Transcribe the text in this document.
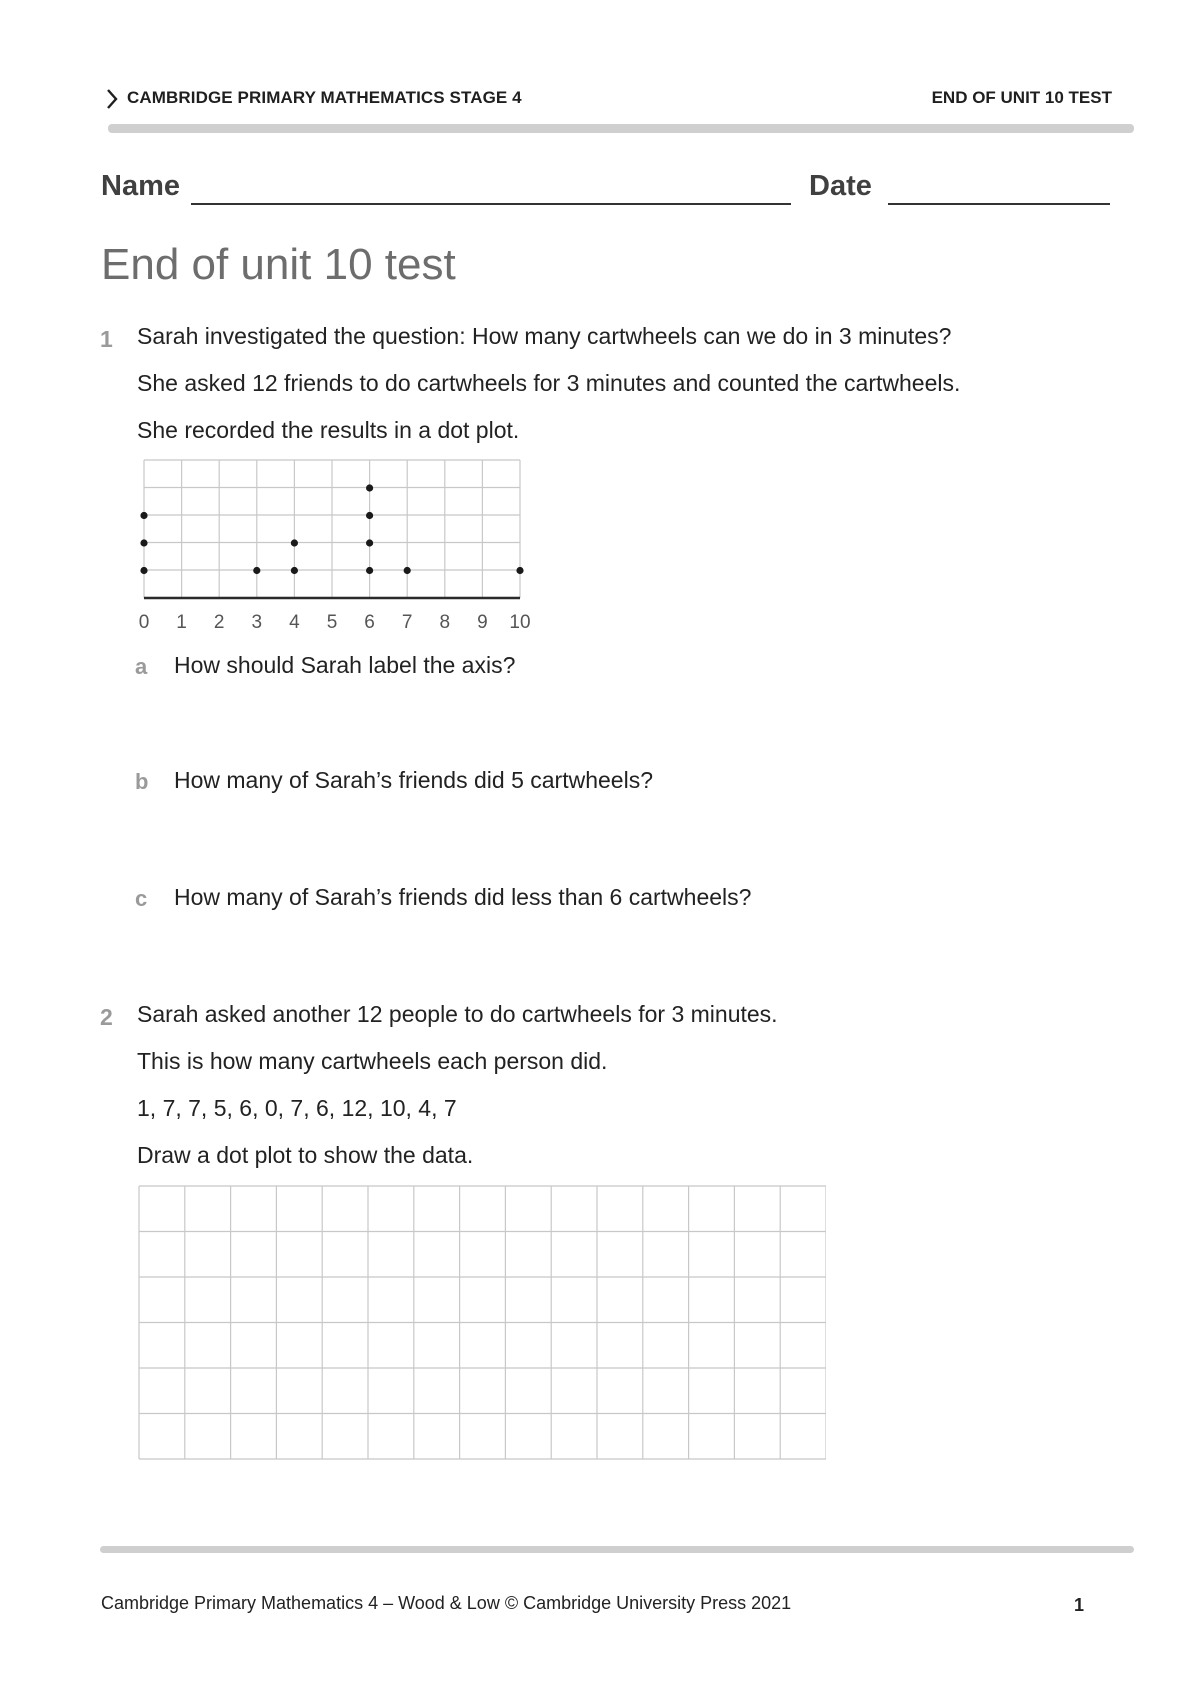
CAMBRIDGE PRIMARY MATHEMATICS STAGE 4	END OF UNIT 10 TEST
Name	Date
End of unit 10 test
1 Sarah investigated the question: How many cartwheels can we do in 3 minutes?
She asked 12 friends to do cartwheels for 3 minutes and counted the cartwheels.
She recorded the results in a dot plot.
0 1 2 3 4 5 6 7 8 9 10
a How should Sarah label the axis?
b How many of Sarah’s friends did 5 cartwheels?
c How many of Sarah’s friends did less than 6 cartwheels?
2 Sarah asked another 12 people to do cartwheels for 3 minutes.
This is how many cartwheels each person did.
1, 7, 7, 5, 6, 0, 7, 6, 12, 10, 4, 7
Draw a dot plot to show the data.
Cambridge Primary Mathematics 4 – Wood & Low © Cambridge University Press 2021	1
